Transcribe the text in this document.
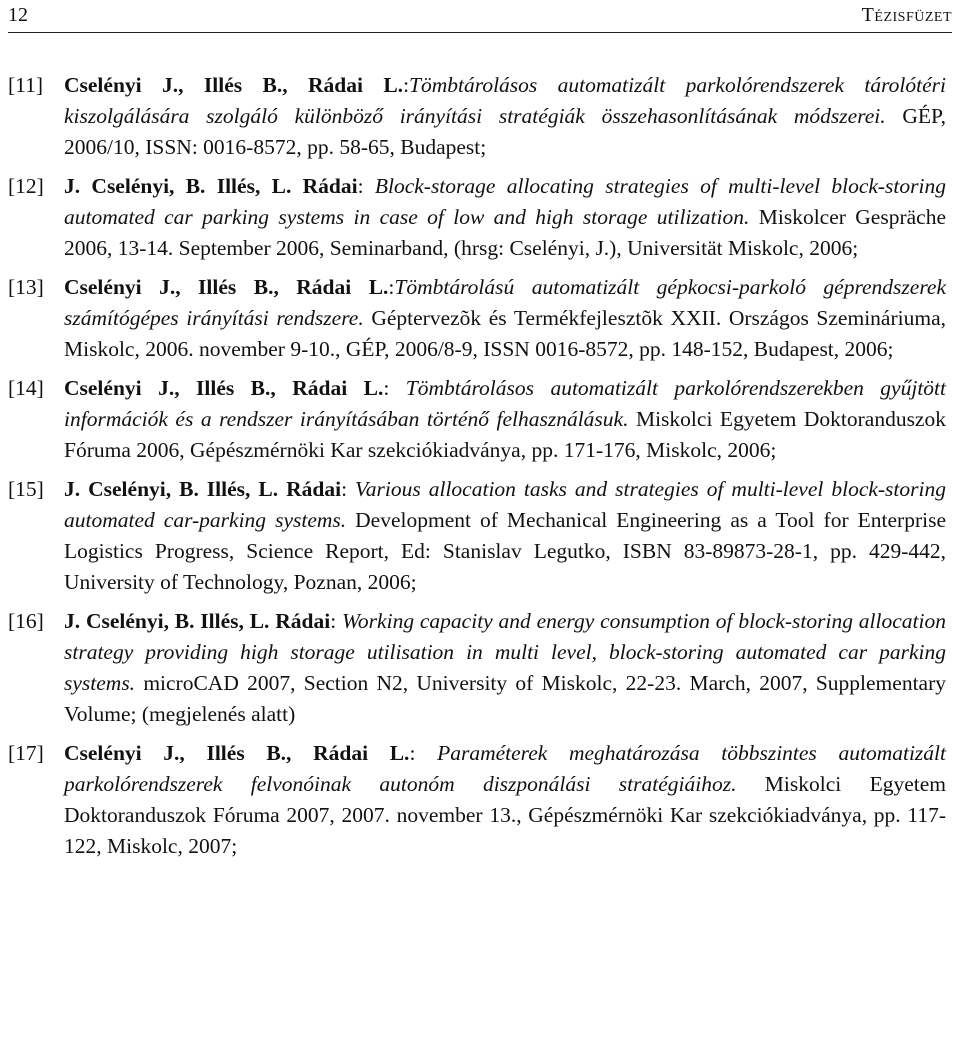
12	Tézisfüzet
[11] Cselényi J., Illés B., Rádai L.:Tömbtárolásos automatizált parkolórendszerek tárolótéri kiszolgálására szolgáló különböző irányítási stratégiák összehasonlításának módszerei. GÉP, 2006/10, ISSN: 0016-8572, pp. 58-65, Budapest;
[12] J. Cselényi, B. Illés, L. Rádai: Block-storage allocating strategies of multi-level block-storing automated car parking systems in case of low and high storage utilization. Miskolcer Gespräche 2006, 13-14. September 2006, Seminarband, (hrsg: Cselényi, J.), Universität Miskolc, 2006;
[13] Cselényi J., Illés B., Rádai L.:Tömbtárolású automatizált gépkocsi-parkoló géprendszerek számítógépes irányítási rendszere. Géptervezõk és Termékfejlesztõk XXII. Országos Szemináriuma, Miskolc, 2006. november 9-10., GÉP, 2006/8-9, ISSN 0016-8572, pp. 148-152, Budapest, 2006;
[14] Cselényi J., Illés B., Rádai L.: Tömbtárolásos automatizált parkolórendszerekben gyűjtött információk és a rendszer irányításában történő felhasználásuk. Miskolci Egyetem Doktoranduszok Fóruma 2006, Gépészmérnöki Kar szekciókiadványa, pp. 171-176, Miskolc, 2006;
[15] J. Cselényi, B. Illés, L. Rádai: Various allocation tasks and strategies of multi-level block-storing automated car-parking systems. Development of Mechanical Engineering as a Tool for Enterprise Logistics Progress, Science Report, Ed: Stanislav Legutko, ISBN 83-89873-28-1, pp. 429-442, University of Technology, Poznan, 2006;
[16] J. Cselényi, B. Illés, L. Rádai: Working capacity and energy consumption of block-storing allocation strategy providing high storage utilisation in multi level, block-storing automated car parking systems. microCAD 2007, Section N2, University of Miskolc, 22-23. March, 2007, Supplementary Volume; (megjelenés alatt)
[17] Cselényi J., Illés B., Rádai L.: Paraméterek meghatározása többszintes automatizált parkolórendszerek felvonóinak autonóm diszponálási stratégiáihoz. Miskolci Egyetem Doktoranduszok Fóruma 2007, 2007. november 13., Gépészmérnöki Kar szekciókiadványa, pp. 117-122, Miskolc, 2007;
